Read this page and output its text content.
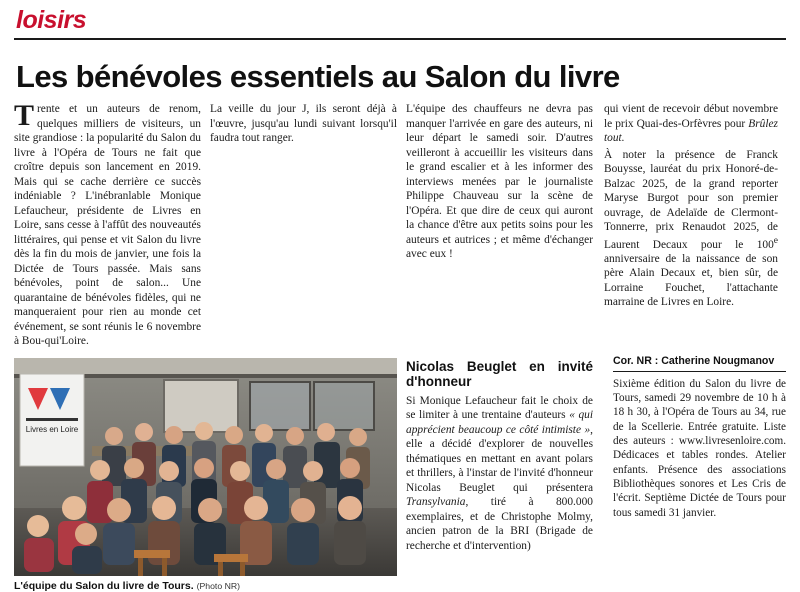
loisirs
Les bénévoles essentiels au Salon du livre

Trente et un auteurs de renom, quelques milliers de visiteurs, un site grandiose : la popularité du Salon du livre à l'Opéra de Tours ne fait que croître depuis son lancement en 2019. Mais qui se cache derrière ce succès indéniable ? L'inébranlable Monique Lefaucheur, présidente de Livres en Loire, sans cesse à l'affût des nouveautés littéraires, qui pense et vit Salon du livre dès la fin du mois de janvier, une fois la Dictée de Tours passée. Mais sans bénévoles, point de salon... Une quarantaine de bénévoles fidèles, qui ne manqueraient pour rien au monde cet événement, se sont réunis le 6 novembre à Bou-qui'Loire.

La veille du jour J, ils seront déjà à l'œuvre, jusqu'au lundi suivant lorsqu'il faudra tout ranger.

L'équipe des chauffeurs ne devra pas manquer l'arrivée en gare des auteurs, ni leur départ le samedi soir. D'autres veilleront à accueillir les visiteurs dans le grand escalier et à les informer des interviews menées par le journaliste Philippe Chauveau sur la scène de l'Opéra. Et que dire de ceux qui auront la chance d'être aux petits soins pour les auteurs et autrices ; et même d'échanger avec eux !

qui vient de recevoir début novembre le prix Quai-des-Orfèvres pour Brûlez tout.

À noter la présence de Franck Bouysse, lauréat du prix Honoré-de-Balzac 2025, de la grand reporter Maryse Burgot pour son premier ouvrage, de Adelaïde de Clermont-Tonnerre, prix Renaudot 2025, de Laurent Decaux pour le 100e anniversaire de la naissance de son père Alain Decaux et, bien sûr, de Lorraine Fouchet, l'attachante marraine de Livres en Loire.

Livres en Loire
L'équipe du Salon du livre de Tours. (Photo NR)
Nicolas Beuglet en invité d'honneur

Si Monique Lefaucheur fait le choix de se limiter à une trentaine d'auteurs « qui apprécient beaucoup ce côté intimiste », elle a décidé d'explorer de nouvelles thématiques en mettant en avant polars et thrillers, à l'instar de l'invité d'honneur Nicolas Beuglet qui présentera Transylvania, tiré à 800.000 exemplaires, et de Christophe Molmy, ancien patron de la BRI (Brigade de recherche et d'intervention)

Cor. NR : Catherine Nougmanov
Sixième édition du Salon du livre de Tours, samedi 29 novembre de 10 h à 18 h 30, à l'Opéra de Tours au 34, rue de la Scellerie. Entrée gratuite. Liste des auteurs : www.livresenloire.com. Dédicaces et tables rondes. Atelier enfants. Présence des associations Bibliothèques sonores et Les Cris de l'écrit. Septième Dictée de Tours pour tous samedi 31 janvier.
